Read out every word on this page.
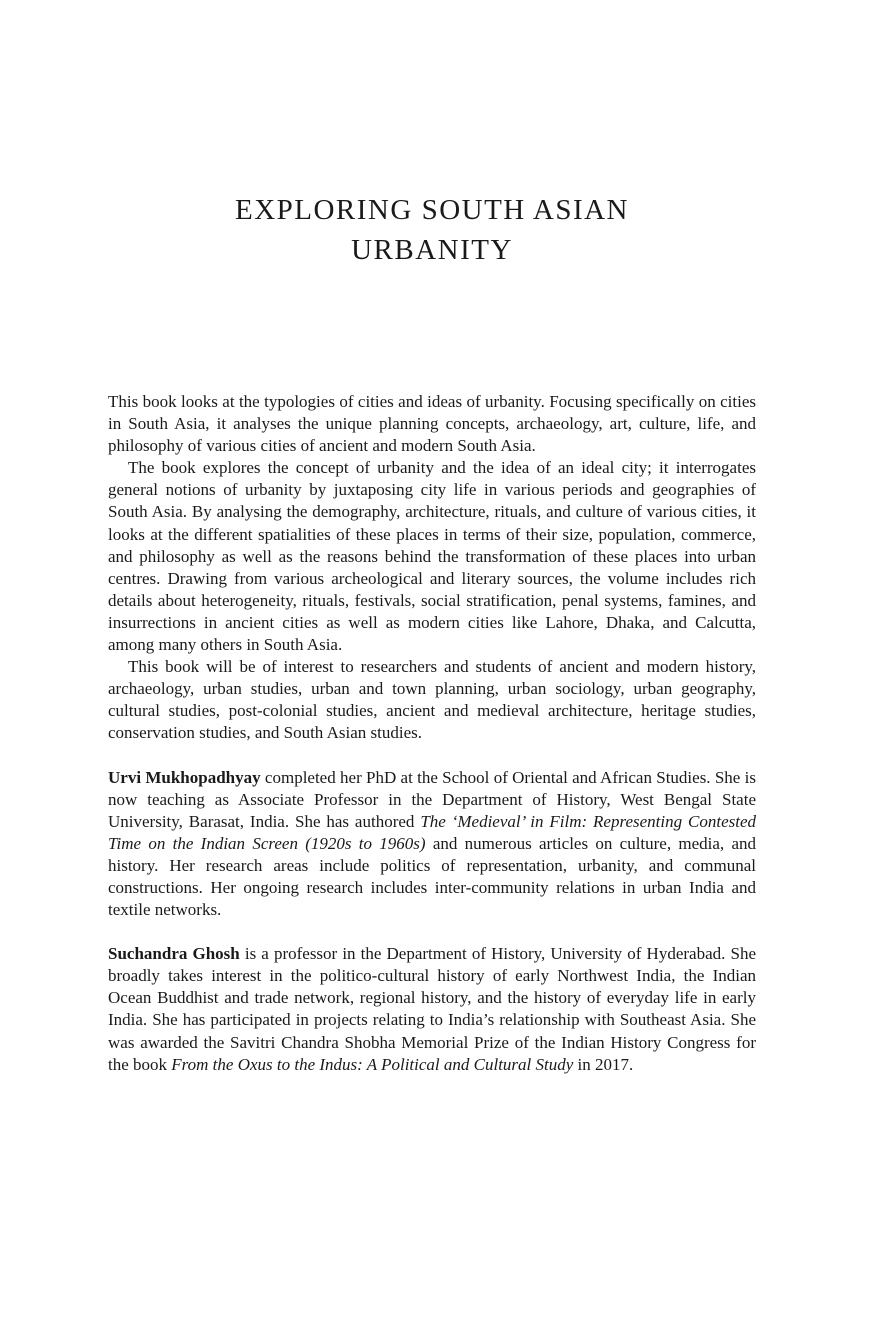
EXPLORING SOUTH ASIAN
URBANITY

This book looks at the typologies of cities and ideas of urbanity. Focusing specifically on cities in South Asia, it analyses the unique planning concepts, archaeology, art, culture, life, and philosophy of various cities of ancient and modern South Asia.

The book explores the concept of urbanity and the idea of an ideal city; it interrogates general notions of urbanity by juxtaposing city life in various periods and geographies of South Asia. By analysing the demography, architecture, rituals, and culture of various cities, it looks at the different spatialities of these places in terms of their size, population, commerce, and philosophy as well as the reasons behind the transformation of these places into urban centres. Drawing from various archeological and literary sources, the volume includes rich details about heterogeneity, rituals, festivals, social stratification, penal systems, famines, and insurrections in ancient cities as well as modern cities like Lahore, Dhaka, and Calcutta, among many others in South Asia.

This book will be of interest to researchers and students of ancient and modern history, archaeology, urban studies, urban and town planning, urban sociology, urban geography, cultural studies, post-colonial studies, ancient and medieval architecture, heritage studies, conservation studies, and South Asian studies.

Urvi Mukhopadhyay completed her PhD at the School of Oriental and African Studies. She is now teaching as Associate Professor in the Department of History, West Bengal State University, Barasat, India. She has authored The ‘Medieval’ in Film: Representing Contested Time on the Indian Screen (1920s to 1960s) and numerous articles on culture, media, and history. Her research areas include politics of representation, urbanity, and communal constructions. Her ongoing research includes inter-community relations in urban India and textile networks.

Suchandra Ghosh is a professor in the Department of History, University of Hyderabad. She broadly takes interest in the politico-cultural history of early Northwest India, the Indian Ocean Buddhist and trade network, regional history, and the history of everyday life in early India. She has participated in projects relating to India’s relationship with Southeast Asia. She was awarded the Savitri Chandra Shobha Memorial Prize of the Indian History Congress for the book From the Oxus to the Indus: A Political and Cultural Study in 2017.
